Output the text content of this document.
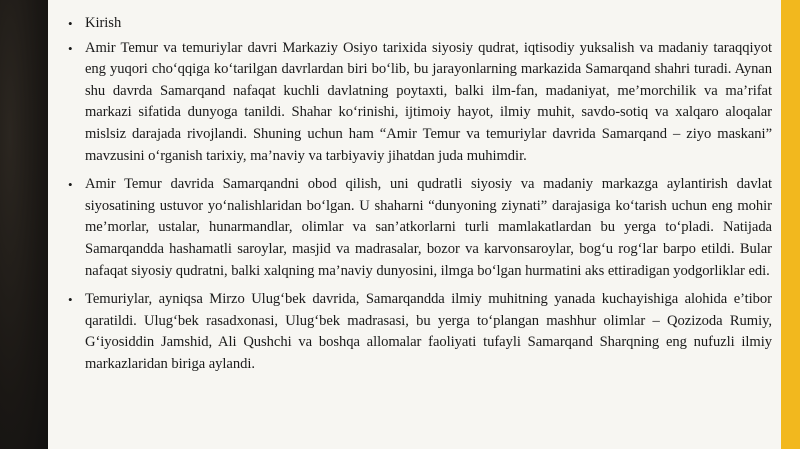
• Kirish
• Amir Temur va temuriylar davri Markaziy Osiyo tarixida siyosiy qudrat, iqtisodiy yuksalish va madaniy taraqqiyot eng yuqori cho‘qqiga ko‘tarilgan davrlardan biri bo‘lib, bu jarayonlarning markazida Samarqand shahri turadi. Aynan shu davrda Samarqand nafaqat kuchli davlatning poytaxti, balki ilm-fan, madaniyat, me’morchilik va ma’rifat markazi sifatida dunyoga tanildi. Shahar ko‘rinishi, ijtimoiy hayot, ilmiy muhit, savdo-sotiq va xalqaro aloqalar mislsiz darajada rivojlandi. Shuning uchun ham “Amir Temur va temuriylar davrida Samarqand – ziyo maskani” mavzusini o‘rganish tarixiy, ma’naviy va tarbiyaviy jihatdan juda muhimdir.
• Amir Temur davrida Samarqandni obod qilish, uni qudratli siyosiy va madaniy markazga aylantirish davlat siyosatining ustuvor yo‘nalishlaridan bo‘lgan. U shaharni “dunyoning ziynati” darajasiga ko‘tarish uchun eng mohir me’morlar, ustalar, hunarmandlar, olimlar va san’atkorlarni turli mamlakatlardan bu yerga to‘pladi. Natijada Samarqandda hashamatli saroylar, masjid va madrasalar, bozor va karvonsaroylar, bog‘u rog‘lar barpo etildi. Bular nafaqat siyosiy qudratni, balki xalqning ma’naviy dunyosini, ilmga bo‘lgan hurmatini aks ettiradigan yodgorliklar edi.
• Temuriylar, ayniqsa Mirzo Ulug‘bek davrida, Samarqandda ilmiy muhitning yanada kuchayishiga alohida e’tibor qaratildi. Ulug‘bek rasadxonasi, Ulug‘bek madrasasi, bu yerga to‘plangan mashhur olimlar – Qozizoda Rumiy, G‘iyosiddin Jamshid, Ali Qushchi va boshqa allomalar faoliyati tufayli Samarqand Sharqning eng nufuzli ilmiy markazlaridan biriga aylandi.
